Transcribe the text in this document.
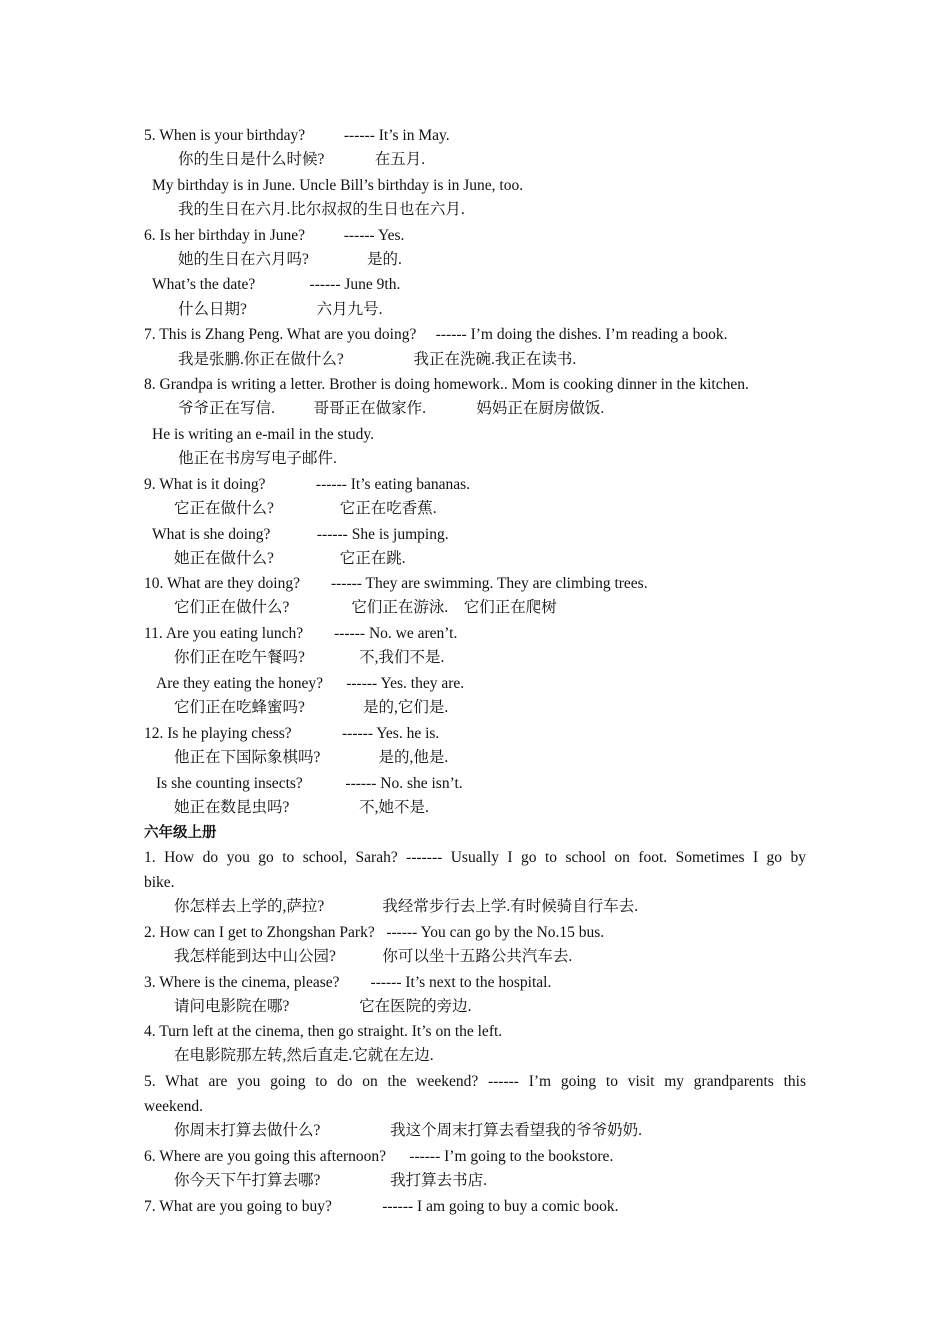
5. When is your birthday?          ------ It’s in May.
你的生日是什么时候?             在五月.
My birthday is in June. Uncle Bill’s birthday is in June, too.
我的生日在六月.比尔叔叔的生日也在六月.
6. Is her birthday in June?          ------ Yes.
她的生日在六月吗?               是的.
What’s the date?              ------ June 9th.
什么日期?                  六月九号.
7. This is Zhang Peng. What are you doing?     ------ I’m doing the dishes. I’m reading a book.
我是张鹏.你正在做什么?                  我正在洗碗.我正在读书.
8. Grandpa is writing a letter. Brother is doing homework.. Mom is cooking dinner in the kitchen.
爷爷正在写信.          哥哥正在做家作.             妈妈正在厨房做饭.
He is writing an e-mail in the study.
他正在书房写电子邮件.
9. What is it doing?             ------ It’s eating bananas.
它正在做什么?                 它正在吃香蕉.
What is she doing?            ------ She is jumping.
她正在做什么?                 它正在跳.
10. What are they doing?        ------ They are swimming. They are climbing trees.
它们正在做什么?                它们正在游泳.    它们正在爬树
11. Are you eating lunch?        ------ No. we aren’t.
你们正在吃午餐吗?              不,我们不是.
Are they eating the honey?      ------ Yes. they are.
它们正在吃蜂蜜吗?               是的,它们是.
12. Is he playing chess?             ------ Yes. he is.
他正在下国际象棋吗?               是的,他是.
Is she counting insects?           ------ No. she isn’t.
她正在数昆虫吗?                  不,她不是.
六年级上册
1. How do you go to school, Sarah? ------- Usually I go to school on foot. Sometimes I go by
bike.
你怎样去上学的,萨拉?               我经常步行去上学.有时候骑自行车去.
2. How can I get to Zhongshan Park?   ------ You can go by the No.15 bus.
我怎样能到达中山公园?            你可以坐十五路公共汽车去.
3. Where is the cinema, please?        ------ It’s next to the hospital.
请问电影院在哪?                  它在医院的旁边.
4. Turn left at the cinema, then go straight. It’s on the left.
在电影院那左转,然后直走.它就在左边.
5. What are you going to do on the weekend? ------ I’m going to visit my grandparents this
weekend.
你周末打算去做什么?                  我这个周末打算去看望我的爷爷奶奶.
6. Where are you going this afternoon?      ------ I’m going to the bookstore.
你今天下午打算去哪?                  我打算去书店.
7. What are you going to buy?             ------ I am going to buy a comic book.
